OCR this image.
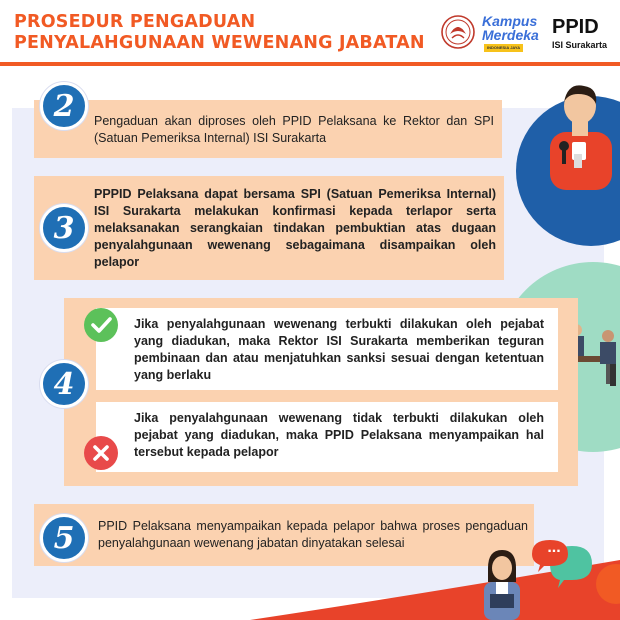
PROSEDUR PENGADUAN
PENYALAHGUNAAN WEWENANG JABATAN
Kampus
Merdeka
INDONESIA JAYA
PPID
ISI Surakarta
Pengaduan akan diproses oleh PPID Pelaksana ke Rektor dan SPI (Satuan Pemeriksa Internal) ISI Surakarta
2
PPPID Pelaksana dapat bersama SPI (Satuan Pemeriksa Internal) ISI Surakarta melakukan konfirmasi kepada terlapor serta melaksanakan serangkaian tindakan pembuktian atas dugaan penyalahgunaan wewenang sebagaimana disampaikan oleh pelapor
3
Jika penyalahgunaan wewenang terbukti dilakukan oleh pejabat yang diadukan, maka Rektor ISI Surakarta memberikan teguran pembinaan dan atau menjatuhkan sanksi sesuai dengan ketentuan yang berlaku
Jika penyalahgunaan wewenang tidak terbukti dilakukan oleh pejabat yang diadukan, maka PPID Pelaksana menyampaikan hal tersebut kepada pelapor
4
PPID Pelaksana menyampaikan kepada pelapor bahwa proses pengaduan penyalahgunaan wewenang jabatan dinyatakan selesai
5	...
